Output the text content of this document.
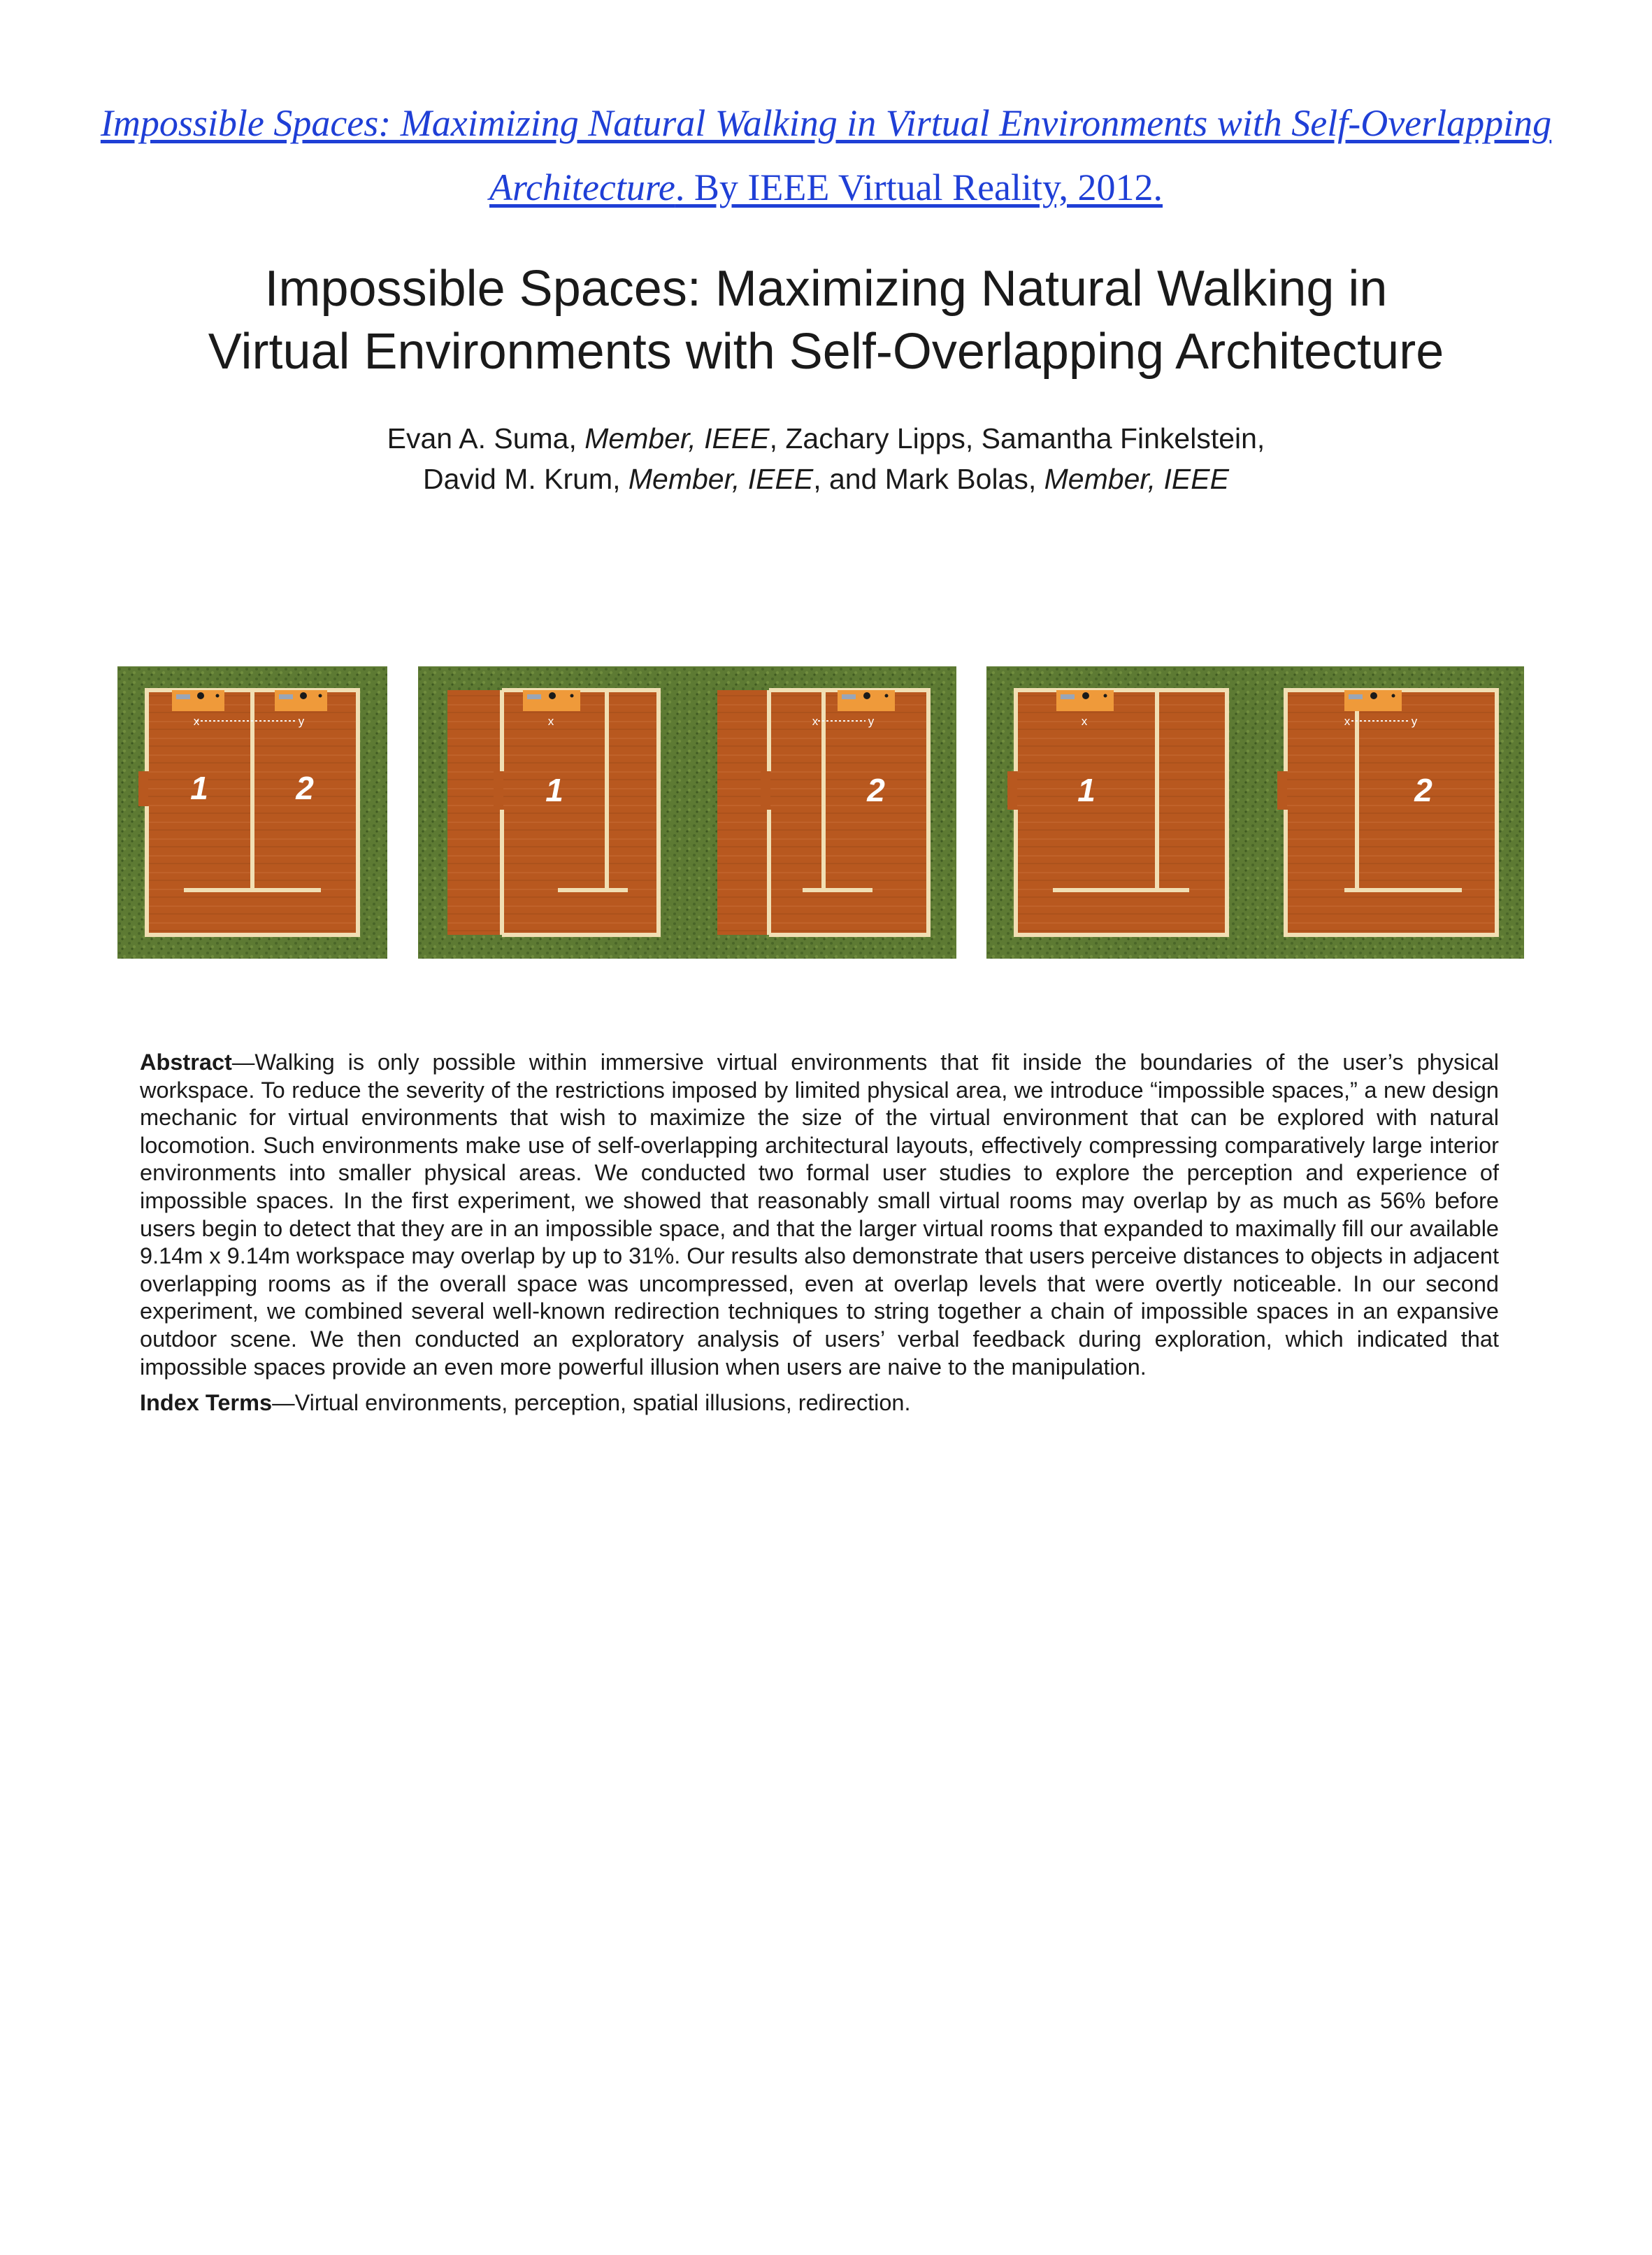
Impossible Spaces: Maximizing Natural Walking in Virtual Environments with Self-Overlapping Architecture. By IEEE Virtual Reality, 2012.
Impossible Spaces: Maximizing Natural Walking in
Virtual Environments with Self-Overlapping Architecture
Evan A. Suma, Member, IEEE, Zachary Lipps, Samantha Finkelstein,
David M. Krum, Member, IEEE, and Mark Bolas, Member, IEEE
x	y
1	2
x	x	y
1	2
x	x	y
1	2

Abstract—Walking is only possible within immersive virtual environments that fit inside the boundaries of the user’s physical workspace. To reduce the severity of the restrictions imposed by limited physical area, we introduce “impossible spaces,” a new design mechanic for virtual environments that wish to maximize the size of the virtual environment that can be explored with natural locomotion. Such environments make use of self-overlapping architectural layouts, effectively compressing comparatively large interior environments into smaller physical areas. We conducted two formal user studies to explore the perception and experience of impossible spaces. In the first experiment, we showed that reasonably small virtual rooms may overlap by as much as 56% before users begin to detect that they are in an impossible space, and that the larger virtual rooms that expanded to maximally fill our available 9.14m x 9.14m workspace may overlap by up to 31%. Our results also demonstrate that users perceive distances to objects in adjacent overlapping rooms as if the overall space was uncompressed, even at overlap levels that were overtly noticeable. In our second experiment, we combined several well-known redirection techniques to string together a chain of impossible spaces in an expansive outdoor scene. We then conducted an exploratory analysis of users’ verbal feedback during exploration, which indicated that impossible spaces provide an even more powerful illusion when users are naive to the manipulation.

Index Terms—Virtual environments, perception, spatial illusions, redirection.
